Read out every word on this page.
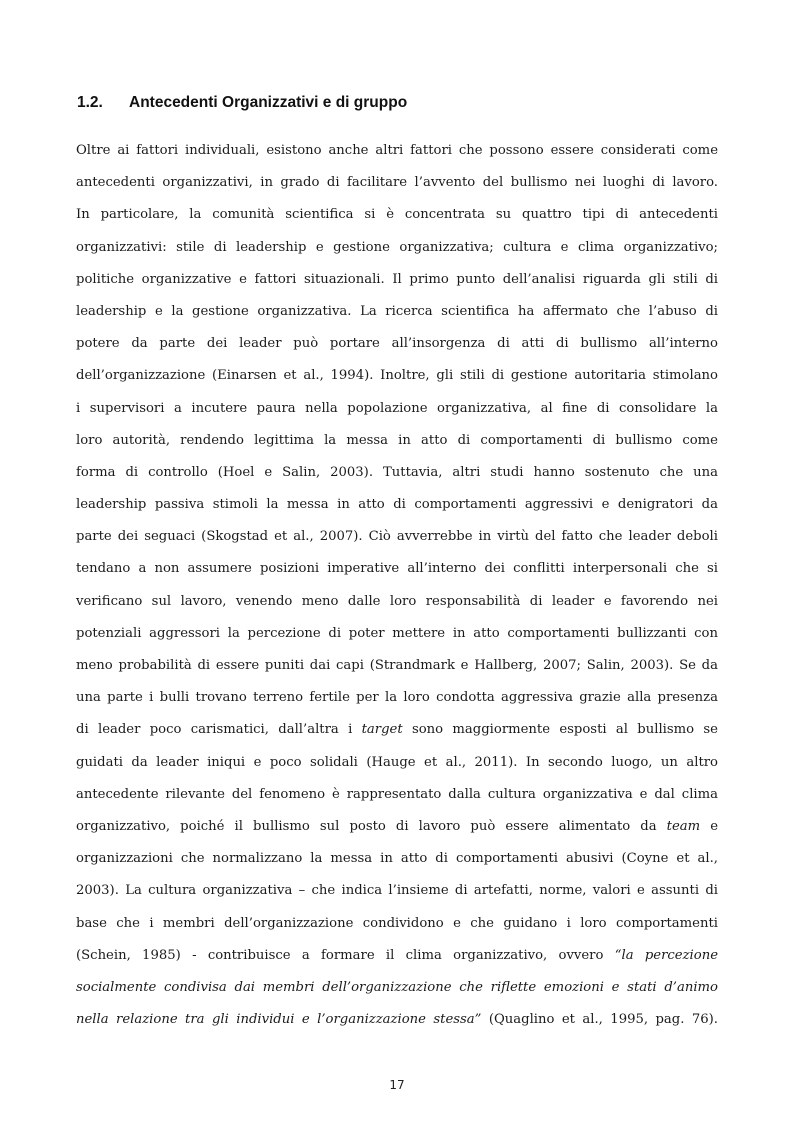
1.2. Antecedenti Organizzativi e di gruppo
Oltre ai fattori individuali, esistono anche altri fattori che possono essere considerati come
antecedenti organizzativi, in grado di facilitare l’avvento del bullismo nei luoghi di lavoro.
In particolare, la comunità scientifica si è concentrata su quattro tipi di antecedenti
organizzativi: stile di leadership e gestione organizzativa; cultura e clima organizzativo;
politiche organizzative e fattori situazionali. Il primo punto dell’analisi riguarda gli stili di
leadership e la gestione organizzativa. La ricerca scientifica ha affermato che l’abuso di
potere da parte dei leader può portare all’insorgenza di atti di bullismo all’interno
dell’organizzazione (Einarsen et al., 1994). Inoltre, gli stili di gestione autoritaria stimolano
i supervisori a incutere paura nella popolazione organizzativa, al fine di consolidare la
loro autorità, rendendo legittima la messa in atto di comportamenti di bullismo come
forma di controllo (Hoel e Salin, 2003). Tuttavia, altri studi hanno sostenuto che una
leadership passiva stimoli la messa in atto di comportamenti aggressivi e denigratori da
parte dei seguaci (Skogstad et al., 2007). Ciò avverrebbe in virtù del fatto che leader deboli
tendano a non assumere posizioni imperative all’interno dei conflitti interpersonali che si
verificano sul lavoro, venendo meno dalle loro responsabilità di leader e favorendo nei
potenziali aggressori la percezione di poter mettere in atto comportamenti bullizzanti con
meno probabilità di essere puniti dai capi (Strandmark e Hallberg, 2007; Salin, 2003). Se da
una parte i bulli trovano terreno fertile per la loro condotta aggressiva grazie alla presenza
di leader poco carismatici, dall’altra i target sono maggiormente esposti al bullismo se
guidati da leader iniqui e poco solidali (Hauge et al., 2011). In secondo luogo, un altro
antecedente rilevante del fenomeno è rappresentato dalla cultura organizzativa e dal clima
organizzativo, poiché il bullismo sul posto di lavoro può essere alimentato da team e
organizzazioni che normalizzano la messa in atto di comportamenti abusivi (Coyne et al.,
2003). La cultura organizzativa – che indica l’insieme di artefatti, norme, valori e assunti di
base che i membri dell’organizzazione condividono e che guidano i loro comportamenti
(Schein, 1985) - contribuisce a formare il clima organizzativo, ovvero “la percezione
socialmente condivisa dai membri dell’organizzazione che riflette emozioni e stati d’animo
nella relazione tra gli individui e l’organizzazione stessa” (Quaglino et al., 1995, pag. 76).
17
